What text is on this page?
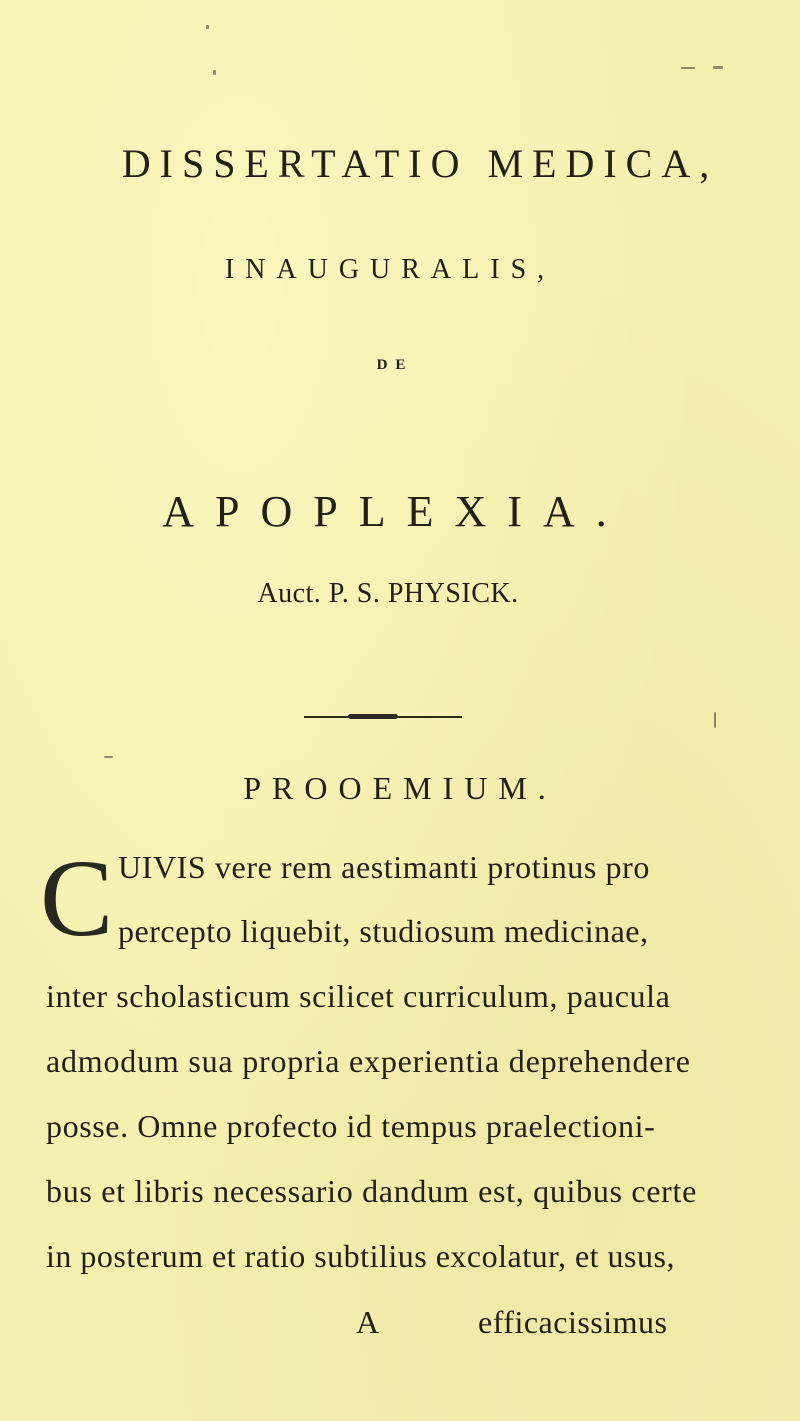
DISSERTATIO MEDICA,
INAUGURALIS,
DE
APOPLEXIA.
Auct. P. S. PHYSICK.
PROOEMIUM.
C UIVIS vere rem aestimanti protinus pro
percepto liquebit, studiosum medicinae,
inter scholasticum scilicet curriculum, paucula
admodum sua propria experientia deprehendere
posse. Omne profecto id tempus praelectioni-
bus et libris necessario dandum est, quibus certe
in posterum et ratio subtilius excolatur, et usus,
A	efficacissimus
